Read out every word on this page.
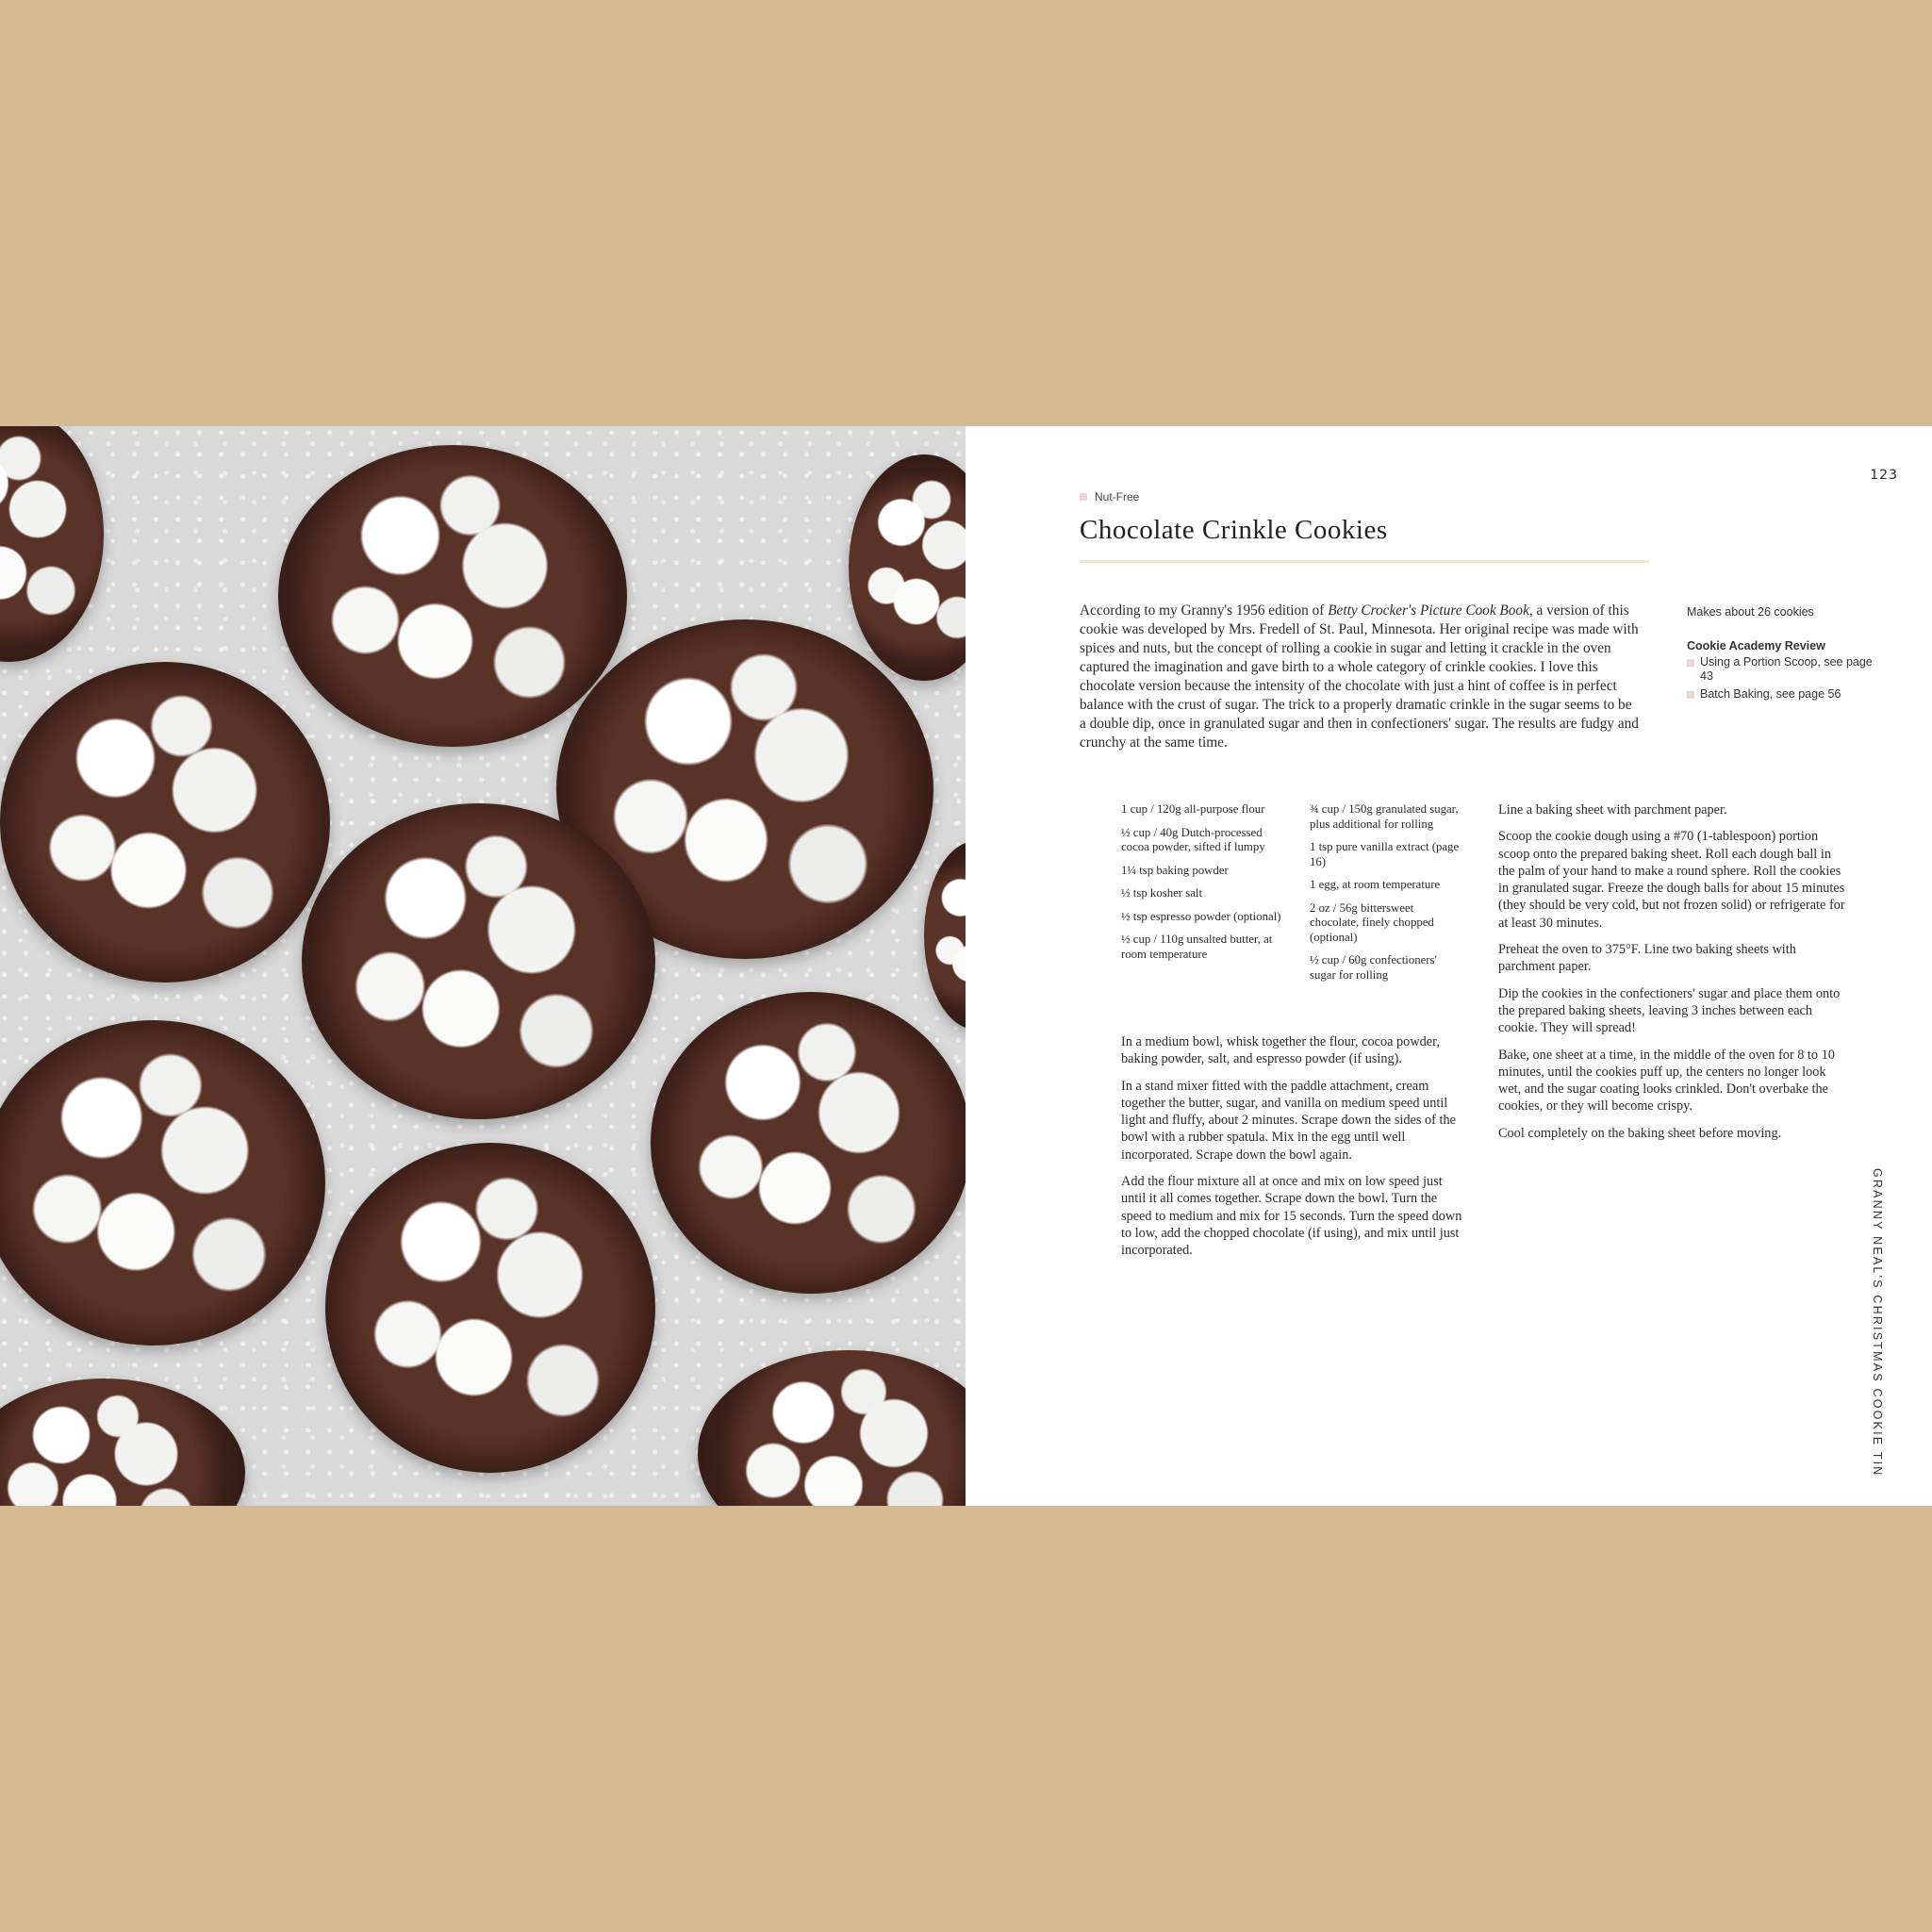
123
Nut-Free
Chocolate Crinkle Cookies

According to my Granny's 1956 edition of Betty Crocker's Picture Cook Book, a version of this cookie was developed by Mrs. Fredell of St. Paul, Minnesota. Her original recipe was made with spices and nuts, but the concept of rolling a cookie in sugar and letting it crackle in the oven captured the imagination and gave birth to a whole category of crinkle cookies. I love this chocolate version because the intensity of the chocolate with just a hint of coffee is in perfect balance with the crust of sugar. The trick to a properly dramatic crinkle in the sugar seems to be a double dip, once in granulated sugar and then in confectioners' sugar. The results are fudgy and crunchy at the same time.

Makes about 26 cookies

Cookie Academy Review

Using a Portion Scoop, see page 43
Batch Baking, see page 56

1 cup / 120g all-purpose flour

½ cup / 40g Dutch-processed cocoa powder, sifted if lumpy

1¼ tsp baking powder

½ tsp kosher salt

½ tsp espresso powder (optional)

½ cup / 110g unsalted butter, at room temperature

¾ cup / 150g granulated sugar, plus additional for rolling

1 tsp pure vanilla extract (page 16)

1 egg, at room temperature

2 oz / 56g bittersweet chocolate, finely chopped (optional)

½ cup / 60g confectioners' sugar for rolling

In a medium bowl, whisk together the flour, cocoa powder, baking powder, salt, and espresso powder (if using).

In a stand mixer fitted with the paddle attachment, cream together the butter, sugar, and vanilla on medium speed until light and fluffy, about 2 minutes. Scrape down the sides of the bowl with a rubber spatula. Mix in the egg until well incorporated. Scrape down the bowl again.

Add the flour mixture all at once and mix on low speed just until it all comes together. Scrape down the bowl. Turn the speed to medium and mix for 15 seconds. Turn the speed down to low, add the chopped chocolate (if using), and mix until just incorporated.

Line a baking sheet with parchment paper.

Scoop the cookie dough using a #70 (1-tablespoon) portion scoop onto the prepared baking sheet. Roll each dough ball in the palm of your hand to make a round sphere. Roll the cookies in granulated sugar. Freeze the dough balls for about 15 minutes (they should be very cold, but not frozen solid) or refrigerate for at least 30 minutes.

Preheat the oven to 375°F. Line two baking sheets with parchment paper.

Dip the cookies in the confectioners' sugar and place them onto the prepared baking sheets, leaving 3 inches between each cookie. They will spread!

Bake, one sheet at a time, in the middle of the oven for 8 to 10 minutes, until the cookies puff up, the centers no longer look wet, and the sugar coating looks crinkled. Don't overbake the cookies, or they will become crispy.

Cool completely on the baking sheet before moving.

GRANNY NEAL'S CHRISTMAS COOKIE TIN
